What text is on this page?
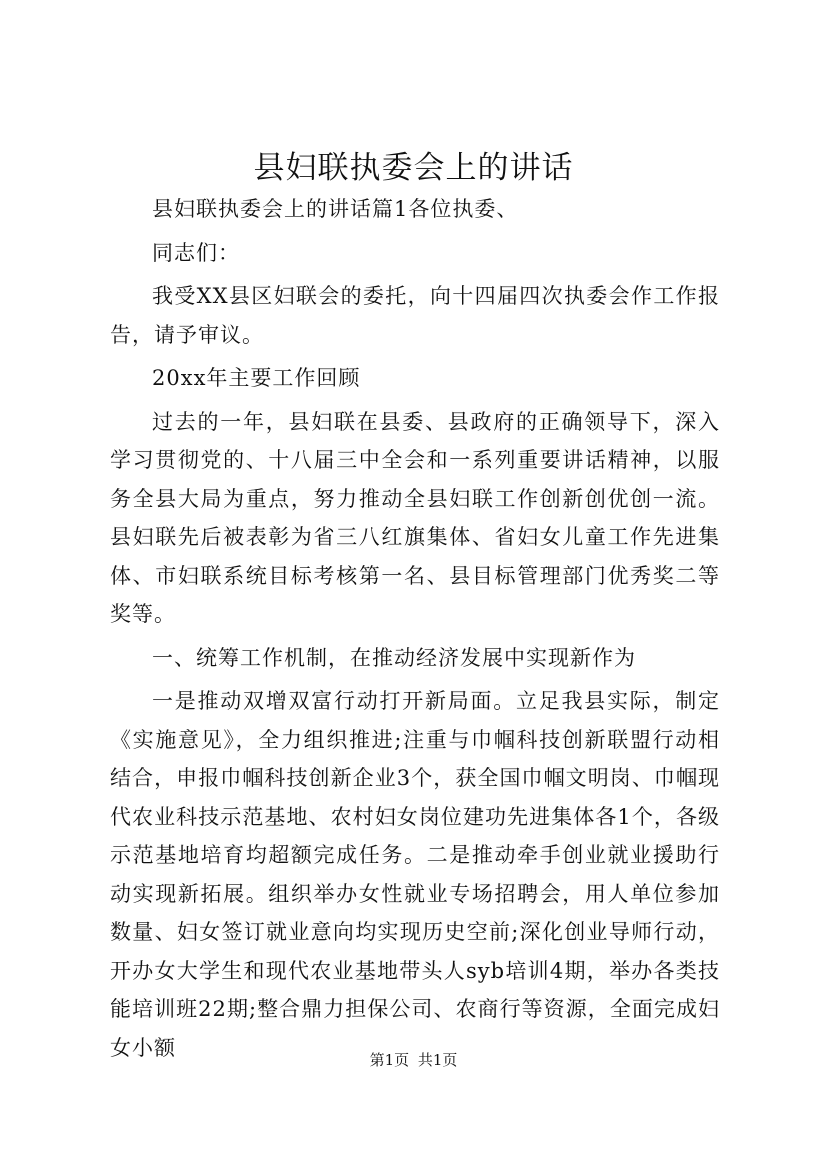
县妇联执委会上的讲话

县妇联执委会上的讲话篇1各位执委、

同志们：

我受XX县区妇联会的委托，向十四届四次执委会作工作报告，请予审议。

20xx年主要工作回顾

过去的一年，县妇联在县委、县政府的正确领导下，深入学习贯彻党的、十八届三中全会和一系列重要讲话精神，以服务全县大局为重点，努力推动全县妇联工作创新创优创一流。县妇联先后被表彰为省三八红旗集体、省妇女儿童工作先进集体、市妇联系统目标考核第一名、县目标管理部门优秀奖二等奖等。

一、统筹工作机制，在推动经济发展中实现新作为

一是推动双增双富行动打开新局面。立足我县实际，制定《实施意见》，全力组织推进;注重与巾帼科技创新联盟行动相结合，申报巾帼科技创新企业3个，获全国巾帼文明岗、巾帼现代农业科技示范基地、农村妇女岗位建功先进集体各1个，各级示范基地培育均超额完成任务。二是推动牵手创业就业援助行动实现新拓展。组织举办女性就业专场招聘会，用人单位参加数量、妇女签订就业意向均实现历史空前;深化创业导师行动，开办女大学生和现代农业基地带头人syb培训4期，举办各类技能培训班22期;整合鼎力担保公司、农商行等资源，全面完成妇女小额

第1页 共1页
